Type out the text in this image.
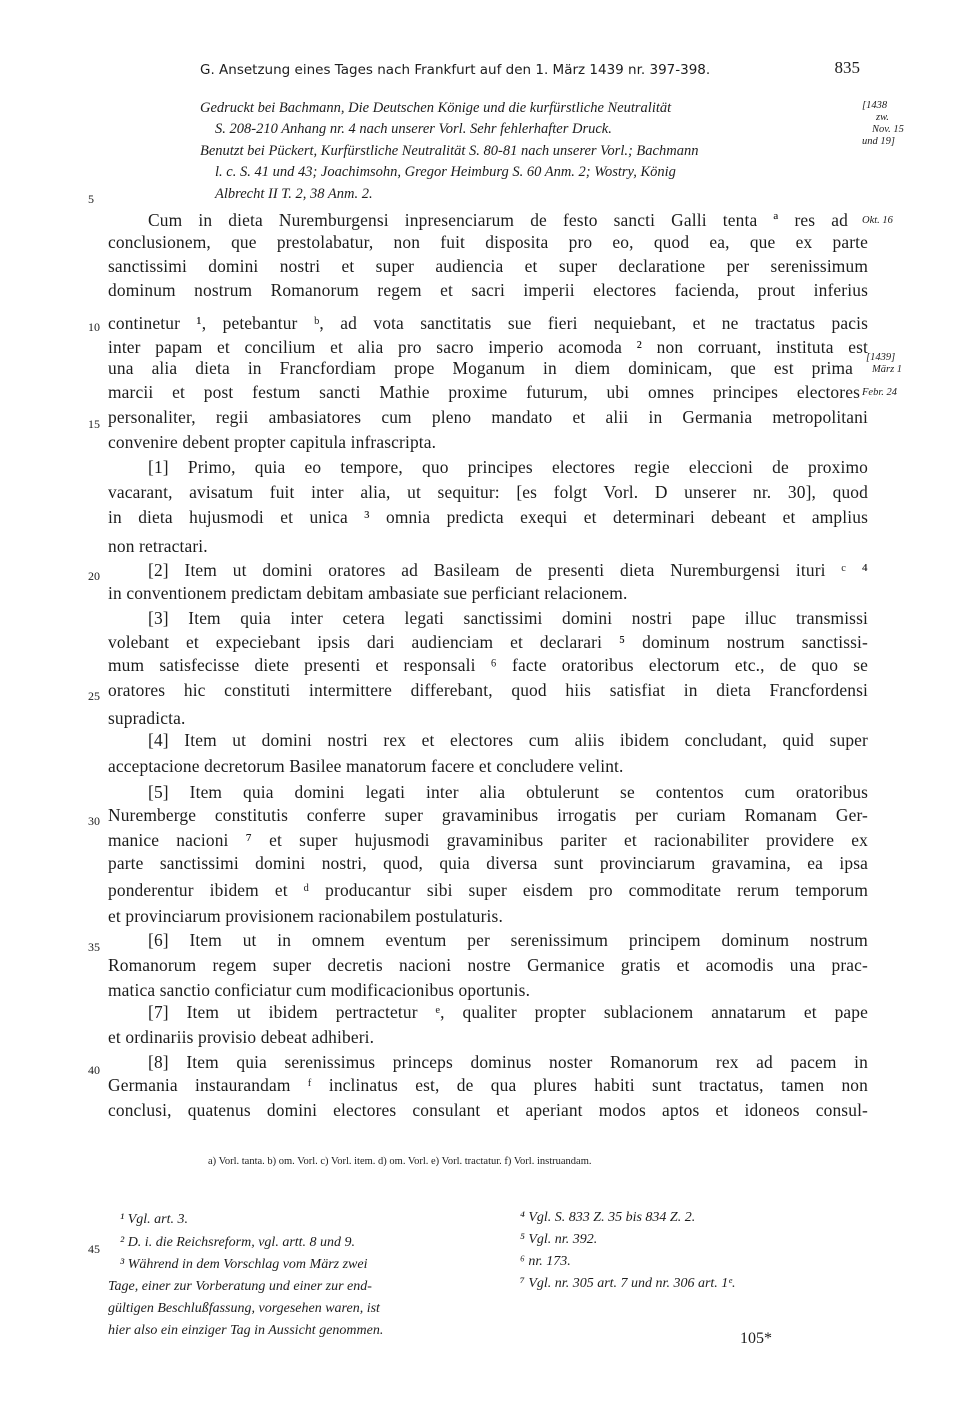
G. Ansetzung eines Tages nach Frankfurt auf den 1. März 1439 nr. 397-398.	835
Gedruckt bei Bachmann, Die Deutschen Könige und die kurfürstliche Neutralität
S. 208-210 Anhang nr. 4 nach unserer Vorl. Sehr fehlerhafter Druck.
Benutzt bei Pückert, Kurfürstliche Neutralität S. 80-81 nach unserer Vorl.; Bachmann
l. c. S. 41 und 43; Joachimsohn, Gregor Heimburg S. 60 Anm. 2; Wostry, König
Albrecht II T. 2, 38 Anm. 2.
[1438
zw.
Nov. 15
und 19]
Okt. 16
[1439]
März 1
Febr. 24
5
10
15
20
25
30
35
40
45
Cum in dieta Nuremburgensi inpresenciarum de festo sancti Galli tenta ª res ad
conclusionem, que prestolabatur, non fuit disposita pro eo, quod ea, que ex parte
sanctissimi domini nostri et super audiencia et super declaratione per serenissimum
dominum nostrum Romanorum regem et sacri imperii electores facienda, prout inferius
continetur ¹, petebantur ᵇ, ad vota sanctitatis sue fieri nequiebant, et ne tractatus pacis
inter papam et concilium et alia pro sacro imperio acomoda ² non corruant, instituta est
una alia dieta in Francfordiam prope Moganum in diem dominicam, que est prima
marcii et post festum sancti Mathie proxime futurum, ubi omnes principes electores
personaliter, regii ambasiatores cum pleno mandato et alii in Germania metropolitani
convenire debent propter capitula infrascripta.
[1] Primo, quia eo tempore, quo principes electores regie eleccioni de proximo
vacarant, avisatum fuit inter alia, ut sequitur: [es folgt Vorl. D unserer nr. 30], quod
in dieta hujusmodi et unica ³ omnia predicta exequi et determinari debeant et amplius
non retractari.
[2] Item ut domini oratores ad Basileam de presenti dieta Nuremburgensi ituri ᶜ ⁴
in conventionem predictam debitam ambasiate sue perficiant relacionem.
[3] Item quia inter cetera legati sanctissimi domini nostri pape illuc transmissi
volebant et expeciebant ipsis dari audienciam et declarari ⁵ dominum nostrum sanctissi-
mum satisfecisse diete presenti et responsali ⁶ facte oratoribus electorum etc., de quo se
oratores hic constituti intermittere differebant, quod hiis satisfiat in dieta Francfordensi
supradicta.
[4] Item ut domini nostri rex et electores cum aliis ibidem concludant, quid super
acceptacione decretorum Basilee manatorum facere et concludere velint.
[5] Item quia domini legati inter alia obtulerunt se contentos cum oratoribus
Nuremberge constitutis conferre super gravaminibus irrogatis per curiam Romanam Ger-
manice nacioni ⁷ et super hujusmodi gravaminibus pariter et racionabiliter providere ex
parte sanctissimi domini nostri, quod, quia diversa sunt provinciarum gravamina, ea ipsa
ponderentur ibidem et ᵈ producantur sibi super eisdem pro commoditate rerum temporum
et provinciarum provisionem racionabilem postulaturis.
[6] Item ut in omnem eventum per serenissimum principem dominum nostrum
Romanorum regem super decretis nacioni nostre Germanice gratis et acomodis una prac-
matica sanctio conficiatur cum modificacionibus oportunis.
[7] Item ut ibidem pertractetur ᵉ, qualiter propter sublacionem annatarum et pape
et ordinariis provisio debeat adhiberi.
[8] Item quia serenissimus princeps dominus noster Romanorum rex ad pacem in
Germania instaurandam ᶠ inclinatus est, de qua plures habiti sunt tractatus, tamen non
conclusi, quatenus domini electores consulant et aperiant modos aptos et idoneos consul-
a) Vorl. tanta. b) om. Vorl. c) Vorl. item. d) om. Vorl. e) Vorl. tractatur. f) Vorl. instruandam.
¹ Vgl. art. 3.
² D. i. die Reichsreform, vgl. artt. 8 und 9.
³ Während in dem Vorschlag vom März zwei
Tage, einer zur Vorberatung und einer zur end-
gültigen Beschlußfassung, vorgesehen waren, ist
hier also ein einziger Tag in Aussicht genommen.
⁴ Vgl. S. 833 Z. 35 bis 834 Z. 2.
⁵ Vgl. nr. 392.
⁶ nr. 173.
⁷ Vgl. nr. 305 art. 7 und nr. 306 art. 1ᵉ.
105*
